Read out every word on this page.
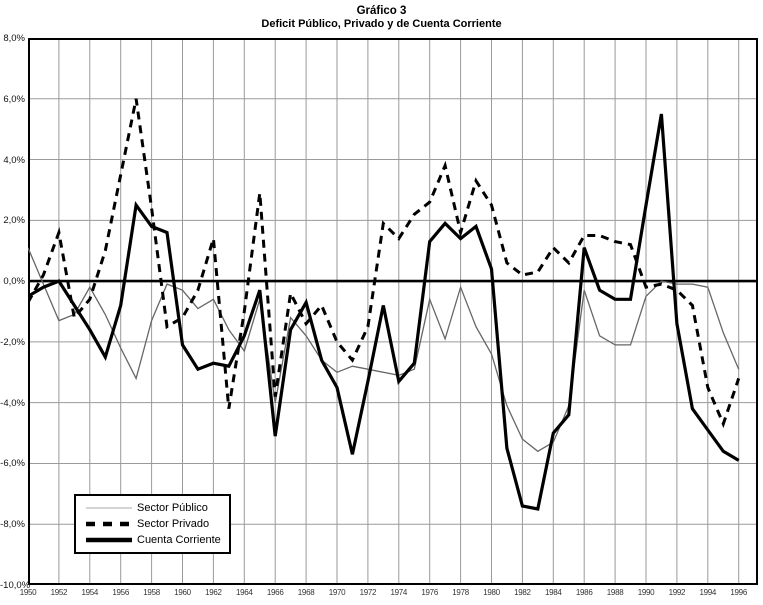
Gráfico 3
Deficit Público, Privado y de Cuenta Corriente
8,0%
6,0%
4,0%
2,0%
0,0%
-2,0%
-4,0%
-6,0%
-8,0%
-10,0%
1950	1952	1954	1956	1958	1960	1962	1964	1966	1968	1970	1972	1974	1976	1978	1980	1982	1984	1986	1988	1990	1992	1994	1996
Sector Público
Sector Privado
Cuenta Corriente
